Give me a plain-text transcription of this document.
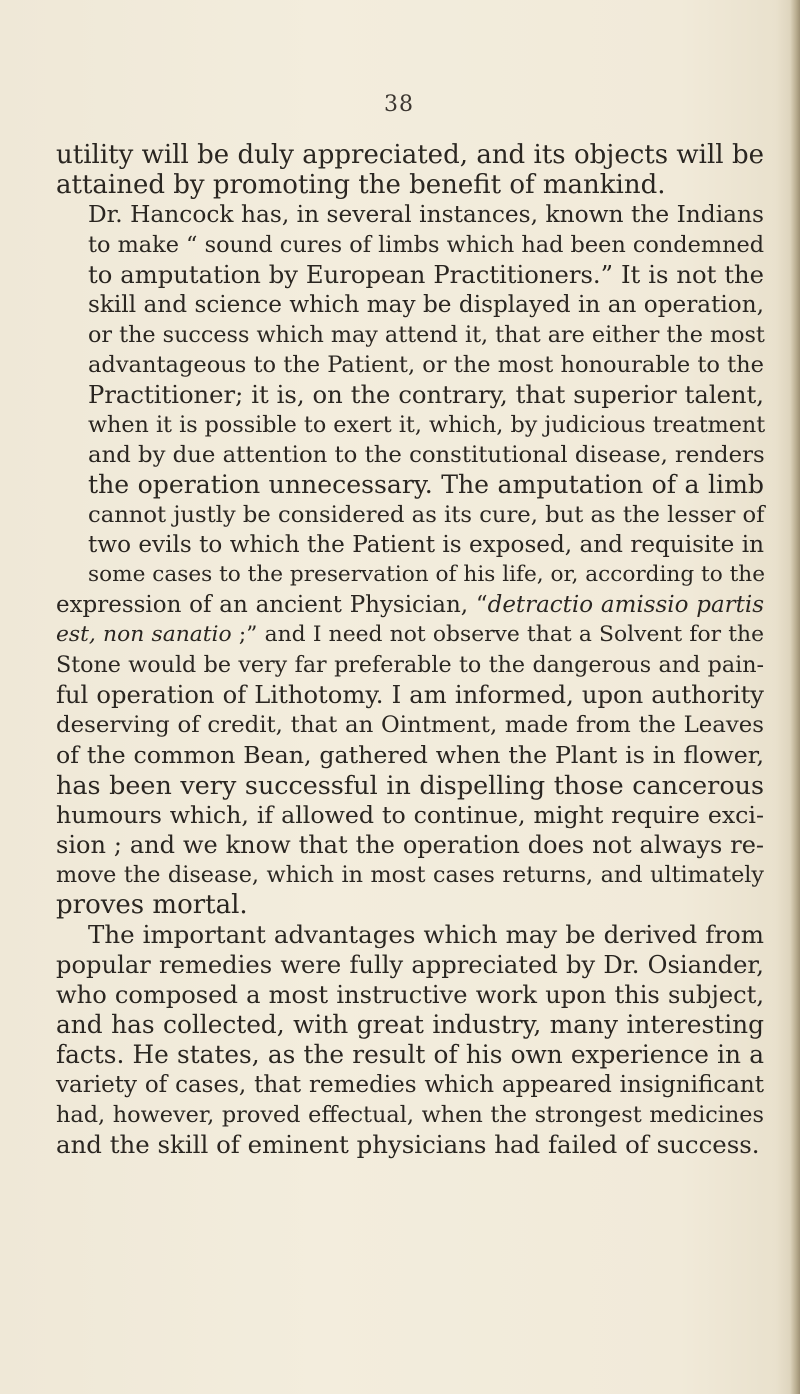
38

utility will be duly appreciated, and its objects will be
attained by promoting the benefit of mankind.

Dr. Hancock has, in several instances, known the Indians
to make “ sound cures of limbs which had been condemned
to amputation by European Practitioners.” It is not the
skill and science which may be displayed in an operation,
or the success which may attend it, that are either the most
advantageous to the Patient, or the most honourable to the
Practitioner; it is, on the contrary, that superior talent,
when it is possible to exert it, which, by judicious treatment
and by due attention to the constitutional disease, renders
the operation unnecessary. The amputation of a limb
cannot justly be considered as its cure, but as the lesser of
two evils to which the Patient is exposed, and requisite in
some cases to the preservation of his life, or, according to the
expression of an ancient Physician, “detractio amissio partis
est, non sanatio ;” and I need not observe that a Solvent for the
Stone would be very far preferable to the dangerous and pain-
ful operation of Lithotomy. I am informed, upon authority
deserving of credit, that an Ointment, made from the Leaves
of the common Bean, gathered when the Plant is in flower,
has been very successful in dispelling those cancerous
humours which, if allowed to continue, might require exci-
sion ; and we know that the operation does not always re-
move the disease, which in most cases returns, and ultimately
proves mortal.

The important advantages which may be derived from
popular remedies were fully appreciated by Dr. Osiander,
who composed a most instructive work upon this subject,
and has collected, with great industry, many interesting
facts. He states, as the result of his own experience in a
variety of cases, that remedies which appeared insignificant
had, however, proved effectual, when the strongest medicines
and the skill of eminent physicians had failed of success.
